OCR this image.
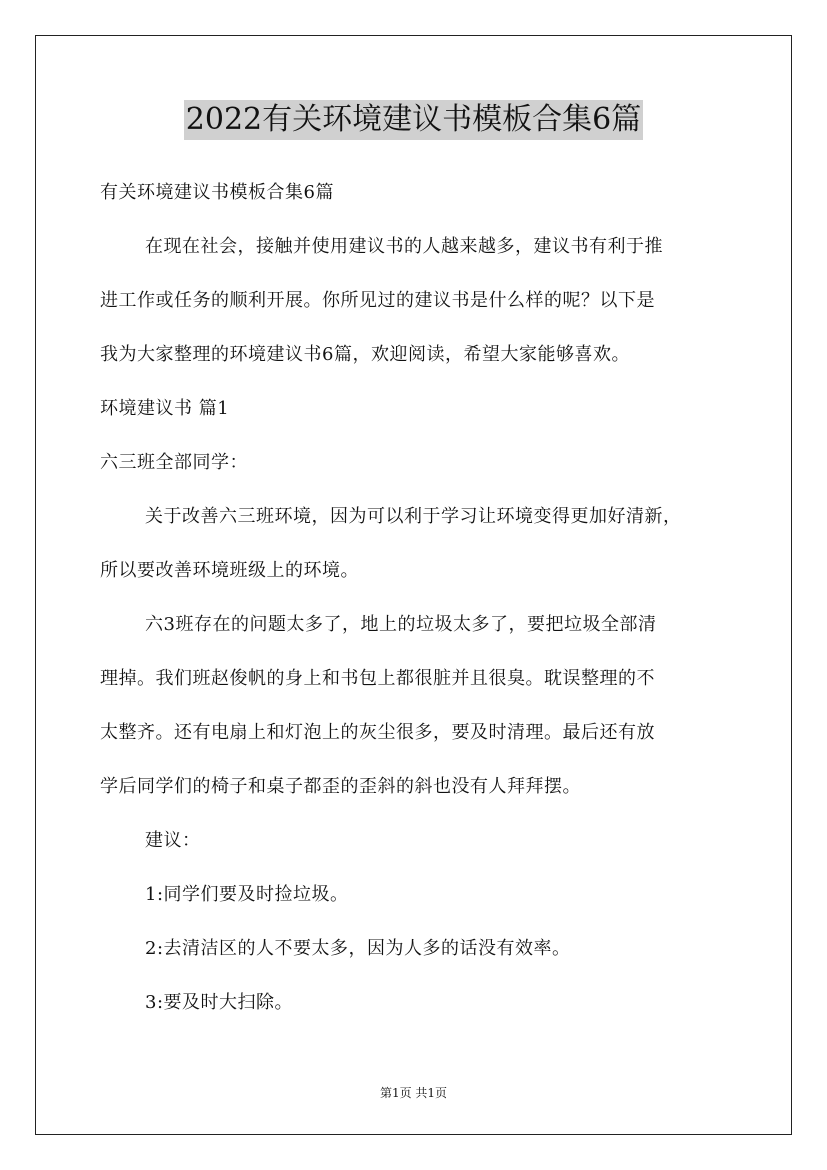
2022有关环境建议书模板合集6篇
有关环境建议书模板合集6篇
在现在社会，接触并使用建议书的人越来越多，建议书有利于推
进工作或任务的顺利开展。你所见过的建议书是什么样的呢？以下是
我为大家整理的环境建议书6篇，欢迎阅读，希望大家能够喜欢。
环境建议书 篇1
六三班全部同学：
关于改善六三班环境，因为可以利于学习让环境变得更加好清新，
所以要改善环境班级上的环境。
六3班存在的问题太多了，地上的垃圾太多了，要把垃圾全部清
理掉。我们班赵俊帆的身上和书包上都很脏并且很臭。耽误整理的不
太整齐。还有电扇上和灯泡上的灰尘很多，要及时清理。最后还有放
学后同学们的椅子和桌子都歪的歪斜的斜也没有人拜拜摆。
建议：
1:同学们要及时捡垃圾。
2:去清洁区的人不要太多，因为人多的话没有效率。
3:要及时大扫除。
第1页 共1页
